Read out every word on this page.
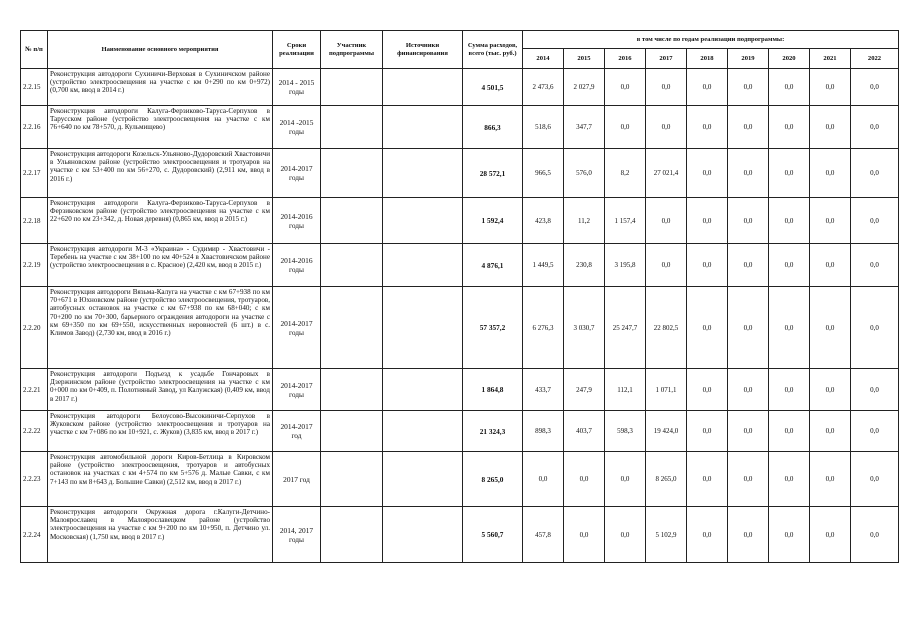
№ п/п	Наименование основного мероприятия	Сроки реализации	Участник подпрограммы	Источники финансирования	Сумма расходов, всего (тыс. руб.)	в том числе по годам реализации подпрограммы:								
						2014	2015	2016	2017	2018	2019	2020	2021	2022
2.2.15	Реконструкция автодороги Сухиничи-Верховая в Сухиничском районе (устройство электроосвещения на участке с км 0+290 по км 0+972) (0,700 км, ввод в 2014 г.)	2014 - 2015 годы			4 501,5	2 473,6	2 027,9	0,0	0,0	0,0	0,0	0,0	0,0	0,0
2.2.16	Реконструкция автодороги Калуга-Ферзиково-Таруса-Серпухов в Тарусском районе (устройство электроосвещения на участке с км 76+640 по км 78+570, д. Кульмищево)	2014 -2015 годы			866,3	518,6	347,7	0,0	0,0	0,0	0,0	0,0	0,0	0,0
2.2.17	Реконструкция автодороги Козельск-Ульяново-Дудоровский Хвастовичи в Ульяновском районе (устройство электроосвещения и тротуаров на участке с км 53+400 по км 56+270, с. Дудоровский) (2,911 км, ввод в 2016 г.)	2014-2017 годы			28 572,1	966,5	576,0	8,2	27 021,4	0,0	0,0	0,0	0,0	0,0
2.2.18	Реконструкция автодороги Калуга-Ферзиково-Таруса-Серпухов в Ферзиковском районе (устройство электроосвещения на участке с км 22+620 по км 23+342, д. Новая деревня) (0,865 км, ввод в 2015 г.)	2014-2016 годы			1 592,4	423,8	11,2	1 157,4	0,0	0,0	0,0	0,0	0,0	0,0
2.2.19	Реконструкция автодороги М-3 «Украина» - Судимир - Хвастовичи - Теребень на участке с км 38+100 по км 40+524 в Хвастовичском районе (устройство электроосвещения в с. Красное) (2,420 км, ввод в 2015 г.)	2014-2016 годы			4 876,1	1 449,5	230,8	3 195,8	0,0	0,0	0,0	0,0	0,0	0,0
2.2.20	Реконструкция автодороги Вязьма-Калуга на участке с км 67+938 по км 70+671 в Юхновском районе (устройство электроосвещения, тротуаров, автобусных остановок на участке с км 67+938 по км 68+040; с км 70+200 по км 70+300, барьерного ограждения автодороги на участке с км 69+350 по км 69+550, искусственных неровностей (6 шт.) в с. Климов Завод) (2,730 км, ввод в 2016 г.)	2014-2017 годы			57 357,2	6 276,3	3 030,7	25 247,7	22 802,5	0,0	0,0	0,0	0,0	0,0
2.2.21	Реконструкция автодороги Подъезд к усадьбе Гончаровых в Дзержинском районе (устройство электроосвещения на участке с км 0+000 по км 0+409, п. Полотняный Завод, ул Калужская) (0,409 км, ввод в 2017 г.)	2014-2017 годы			1 864,8	433,7	247,9	112,1	1 071,1	0,0	0,0	0,0	0,0	0,0
2.2.22	Реконструкция автодороги Белоусово-Высокиничи-Серпухов в Жуковском районе (устройство электроосвещения и тротуаров на участке с км 7+086 по км 10+921, с. Жуков) (3,835 км, ввод в 2017 г.)	2014-2017 год			21 324,3	898,3	403,7	598,3	19 424,0	0,0	0,0	0,0	0,0	0,0
2.2.23	Реконструкция автомобильной дороги Киров-Бетлица в Кировском районе (устройство электроосвещения, тротуаров и автобусных остановок на участках с км 4+574 по км 5+576 д. Малые Савки, с км 7+143 по км 8+643 д. Большие Савки) (2,512 км, ввод в 2017 г.)	2017 год			8 265,0	0,0	0,0	0,0	8 265,0	0,0	0,0	0,0	0,0	0,0
2.2.24	Реконструкция автодороги Окружная дорога г.Калуги-Детчино-Малоярославец в Малоярославецком районе (устройство электроосвещения на участке с км 9+200 по км 10+950, п. Детчино ул. Московская) (1,750 км, ввод в 2017 г.)	2014, 2017 годы			5 560,7	457,8	0,0	0,0	5 102,9	0,0	0,0	0,0	0,0	0,0
